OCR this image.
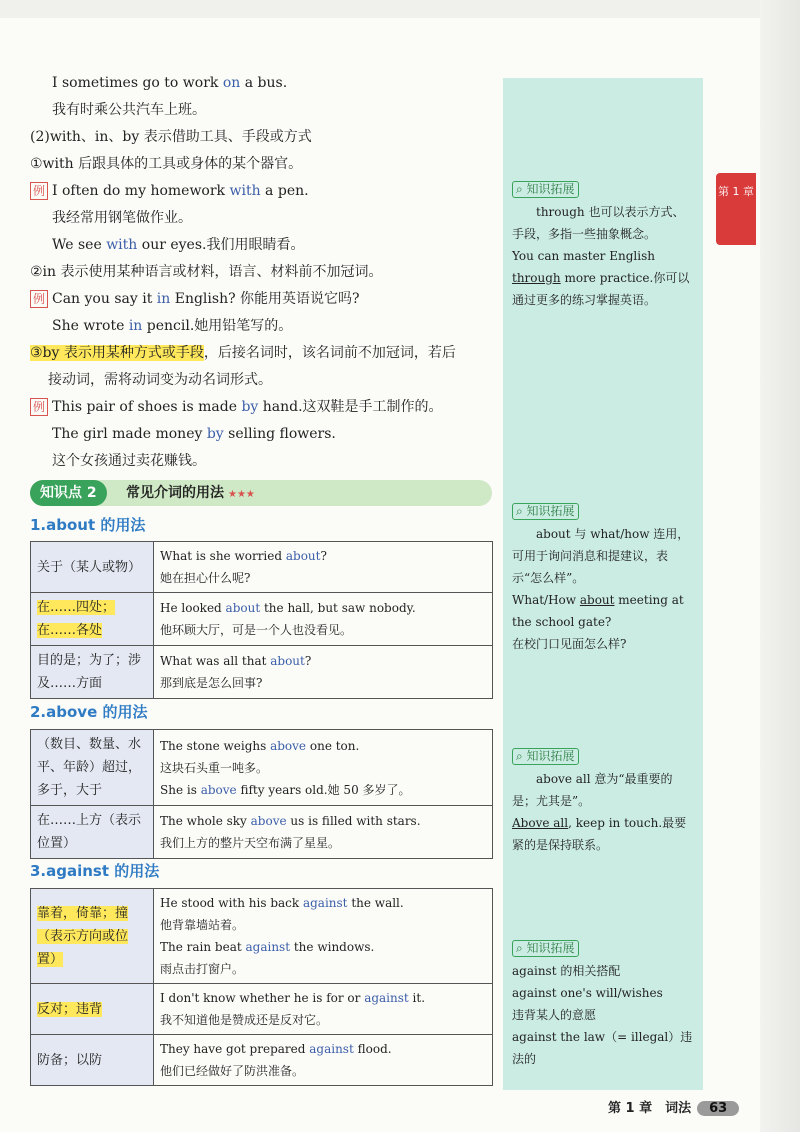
I sometimes go to work on a bus.
我有时乘公共汽车上班。
(2)with、in、by 表示借助工具、手段或方式
①with 后跟具体的工具或身体的某个器官。
例 I often do my homework with a pen.
我经常用钢笔做作业。
We see with our eyes.我们用眼睛看。
②in 表示使用某种语言或材料，语言、材料前不加冠词。
例 Can you say it in English? 你能用英语说它吗?
She wrote in pencil.她用铅笔写的。
③by 表示用某种方式或手段，后接名词时，该名词前不加冠词，若后
接动词，需将动词变为动名词形式。
例 This pair of shoes is made by hand.这双鞋是手工制作的。
The girl made money by selling flowers.
这个女孩通过卖花赚钱。
知识点 2	常见介词的用法 ★★★
1.about 的用法
关于（某人或物）	What is she worried about?
她在担心什么呢?

在……四处；在……各处	He looked about the hall, but saw nobody.
他环顾大厅，可是一个人也没看见。

目的是；为了；涉及……方面	What was all that about?
那到底是怎么回事?
2.above 的用法
（数目、数量、水平、年龄）超过，多于，大于	The stone weighs above one ton.
这块石头重一吨多。
She is above fifty years old.她 50 多岁了。

在……上方（表示位置）	The whole sky above us is filled with stars.
我们上方的整片天空布满了星星。
3.against 的用法
靠着，倚靠；撞（表示方向或位置）	He stood with his back against the wall.
他背靠墙站着。
The rain beat against the windows.
雨点击打窗户。

反对；违背	I don't know whether he is for or against it.
我不知道他是赞成还是反对它。

防备；以防	They have got prepared against flood.
他们已经做好了防洪准备。
⌕ 知识拓展
through 也可以表示方式、手段，多指一些抽象概念。
You can master English through more practice.你可以通过更多的练习掌握英语。
⌕ 知识拓展
about 与 what/how 连用，可用于询问消息和提建议，表示“怎么样”。
What/How about meeting at the school gate?
在校门口见面怎么样?
⌕ 知识拓展
above all 意为“最重要的是；尤其是”。
Above all, keep in touch.最要紧的是保持联系。
⌕ 知识拓展
against 的相关搭配
against one's will/wishes
违背某人的意愿
against the law（= illegal）违法的
第 1 章
第 1 章　词法 63
